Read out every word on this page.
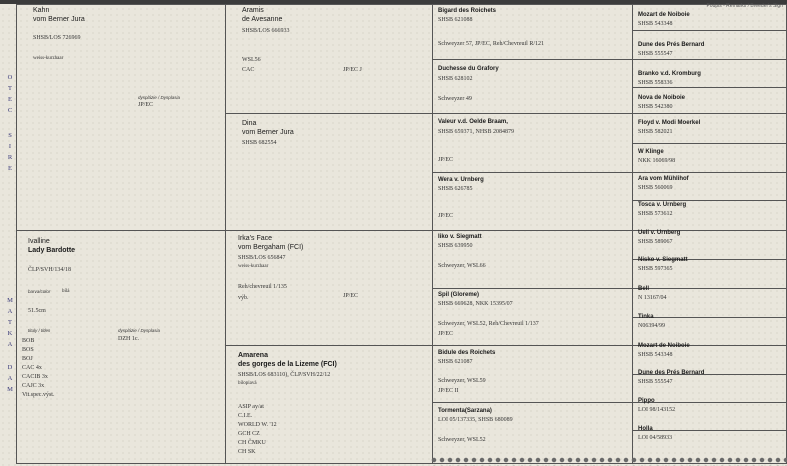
Podpis - Remarks / Breeder's Sign
O
T
E
C
S
I
R
E
M
A
T
K
A
D
A
M
Kahn
vom Berner Jura
SHSB/LOS 726969
weiss-kurzhaar
dysplázie / Dysplasia
JP/EC
Ivalline
Lady Bardotte
ČLP/SVH/134/18
barva/color bílá
51.5cm
tituly / titles	dysplázie / Dysplasia
DZH 1c.
BOB
BOS
BOJ
CAC 4x
CACIB 3x
CAJC 3x
Vit.spec.výst.
Aramis
de Avesanne
SHSB/LOS 666933
WSL56
CAC	JP/EC J
Dina
vom Berner Jura
SHSB 682554
Irka's Face
vom Bergaham (FCI)
SHSB/LOS 656847
weiss-kurzhaar
Reh/chevreuil 1/135
výb.	JP/EC
Amarena
des gorges de la Lizeme (FCI)
SHSB/LOS 683110), ČLP/SVH/22/12
bílopiavá
ASIP ay/at
C.I.E.
WORLD W. '12
GCH CZ
CH ČMKU
CH SK
Bigard des Roichets
SHSB 621088
Schweyzer 57, JP/EC, Reh/Chevreuil R/121
Duchesse du Grafory
SHSB 628102
Schweyzer 49
Valeur v.d. Oelde Braam,
SHSB 659371, NHSB 2084879
JP/EC
Wera v. Urnberg
SHSB 626785
JP/EC
Iiko v. Siegmatt
SHSB 639950
Schweyzer, WSL66
Spil (Gloreme)
SHSB 669628, NKK 15395/07
Schweyzer, WSL52, Reh/Chevreuil 1/137
JP/EC
Bidule des Roichets
SHSB 621087
Schweyzer, WSL59
JP/EC II
Tormenta(Sarzana)
LOI 05/137335, SHSB 680089
Schweyzer, WSL52
Mozart de Noiboie
SHSB 543348
Dune des Prés Bernard
SHSB 555547
Branko v.d. Kromburg
SHSB 558336
Nova de Noiboie
SHSB 542380
Floyd v. Modi Moerkel
SHSB 582021
W Klinge
NKK 16069/98
Ara vom Mühlihof
SHSB 560069
Tosca v. Urnberg
SHSB 573612
Ueli v. Urnberg
SHSB 589067
Nisko v. Siegmatt
SHSB 597365
Bell
N 13167/04
Tinka
N06394/99
Mozart de Noiboie
SHSB 543348
Dune des Prés Bernard
SHSB 555547
Pippo
LOI 98/143152
Holla
LOI 04/58933
